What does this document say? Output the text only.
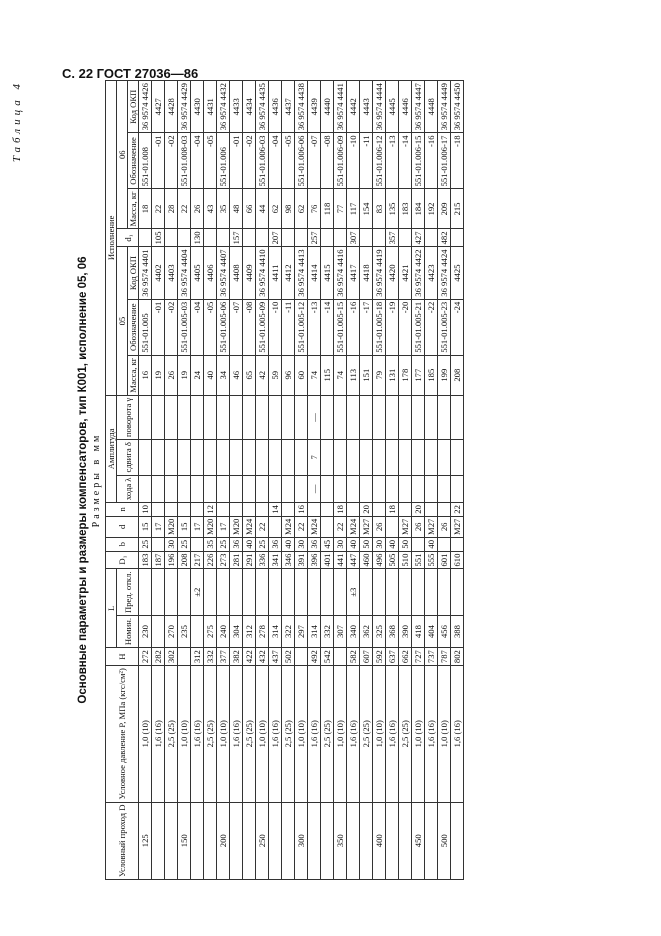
С. 22 ГОСТ 27036—86
Таблица 4
Основные параметры и размеры компенсаторов, тип К001, исполнение 05, 06 Размеры в мм
Условный проход D	Условное давление P, МПа (кгс/см²)	H	L		D₁	b	d	n	Амплитуда			Исполнение						
			Номин.	Пред. откл.					хода λ	сдвига δ	поворота γ	05			d₁	06		
												Масса, кг	Обозначение	Код ОКП		Масса, кг	Обозначение	Код ОКП
125	1,0 (10)	272	230		183	25	15	10				16	551-01.005	36 9574 4401		18	551-01.008	36 9574 4426
	1,6 (16)	282			187		17					19	-01	4402	105	22	-01	4427
	2,5 (25)	302	270		196	30	M20					26	-02	4403		28	-02	4428
150	1,0 (10)		235		208	25	15					19	551-01.005-03	36 9574 4404		22	551-01.008-03	36 9574 4429
	1,6 (16)	312		±2	217		17					24	-04	4405	130	26	-04	4430
	2,5 (25)	332	275		226	35	M20	12				40	-05	4406		43	-05	4431
200	1,0 (10)	377	240		273	25	17					34	551-01.005-06	36 9574 4407		35	551-01.006	36 9574 4432
	1,6 (16)	382	304		281	36	M20					46	-07	4408	157	48	-01	4433
	2,5 (25)	422	312		291	40	M24					65	-08	4409		66	-02	4434
250	1,0 (10)	432	278		336	25	22					42	551-01.005-09	36 9574 4410		44	551-01.006-03	36 9574 4435
	1,6 (16)	437	314		341	36		14				59	-10	4411	207	62	-04	4436
	2,5 (25)	502	322		346	40	M24					96	-11	4412		98	-05	4437
300	1,0 (10)		297		391	30	22	16				60	551-01.005-12	36 9574 4413		62	551-01.006-06	36 9574 4438
	1,6 (16)	492	314		396	36	M24		—	7	—	74	-13	4414	257	76	-07	4439
	2,5 (25)	542	332		401	45						115	-14	4415		118	-08	4440
350	1,0 (10)		307		441	30	22	18				74	551-01.005-15	36 9574 4416		77	551-01.006-09	36 9574 4441
	1,6 (16)	582	340	±3	447	40	M24					113	-16	4417	307	117	-10	4442
	2,5 (25)	607	362		460	50	M27	20				151	-17	4418		154	-11	4443
400	1,0 (10)	592	325		496	30	26					79	551-01.005-18	36 9574 4419		83	551-01.006-12	36 9574 4444
	1,6 (16)	637	368		505	40		18				131	-19	4420	357	135	-13	4445
	2,5 (25)	662	390		510	50	M27					178	-20	4421		183	-14	4446
450	1,0 (10)	727	418		551		26	20				177	551-01.005-21	36 9574 4422	427	184	551-01.006-15	36 9574 4447
	1,6 (16)	737	404		555	40	M27					185	-22	4423		192	-16	4448
500	1,0 (10)	787	456		601		26					199	551-01.005-23	36 9574 4424	482	209	551-01.006-17	36 9574 4449
	1,6 (16)	802	388		610		M27	22				208	-24	4425		215	-18	36 9574 4450
